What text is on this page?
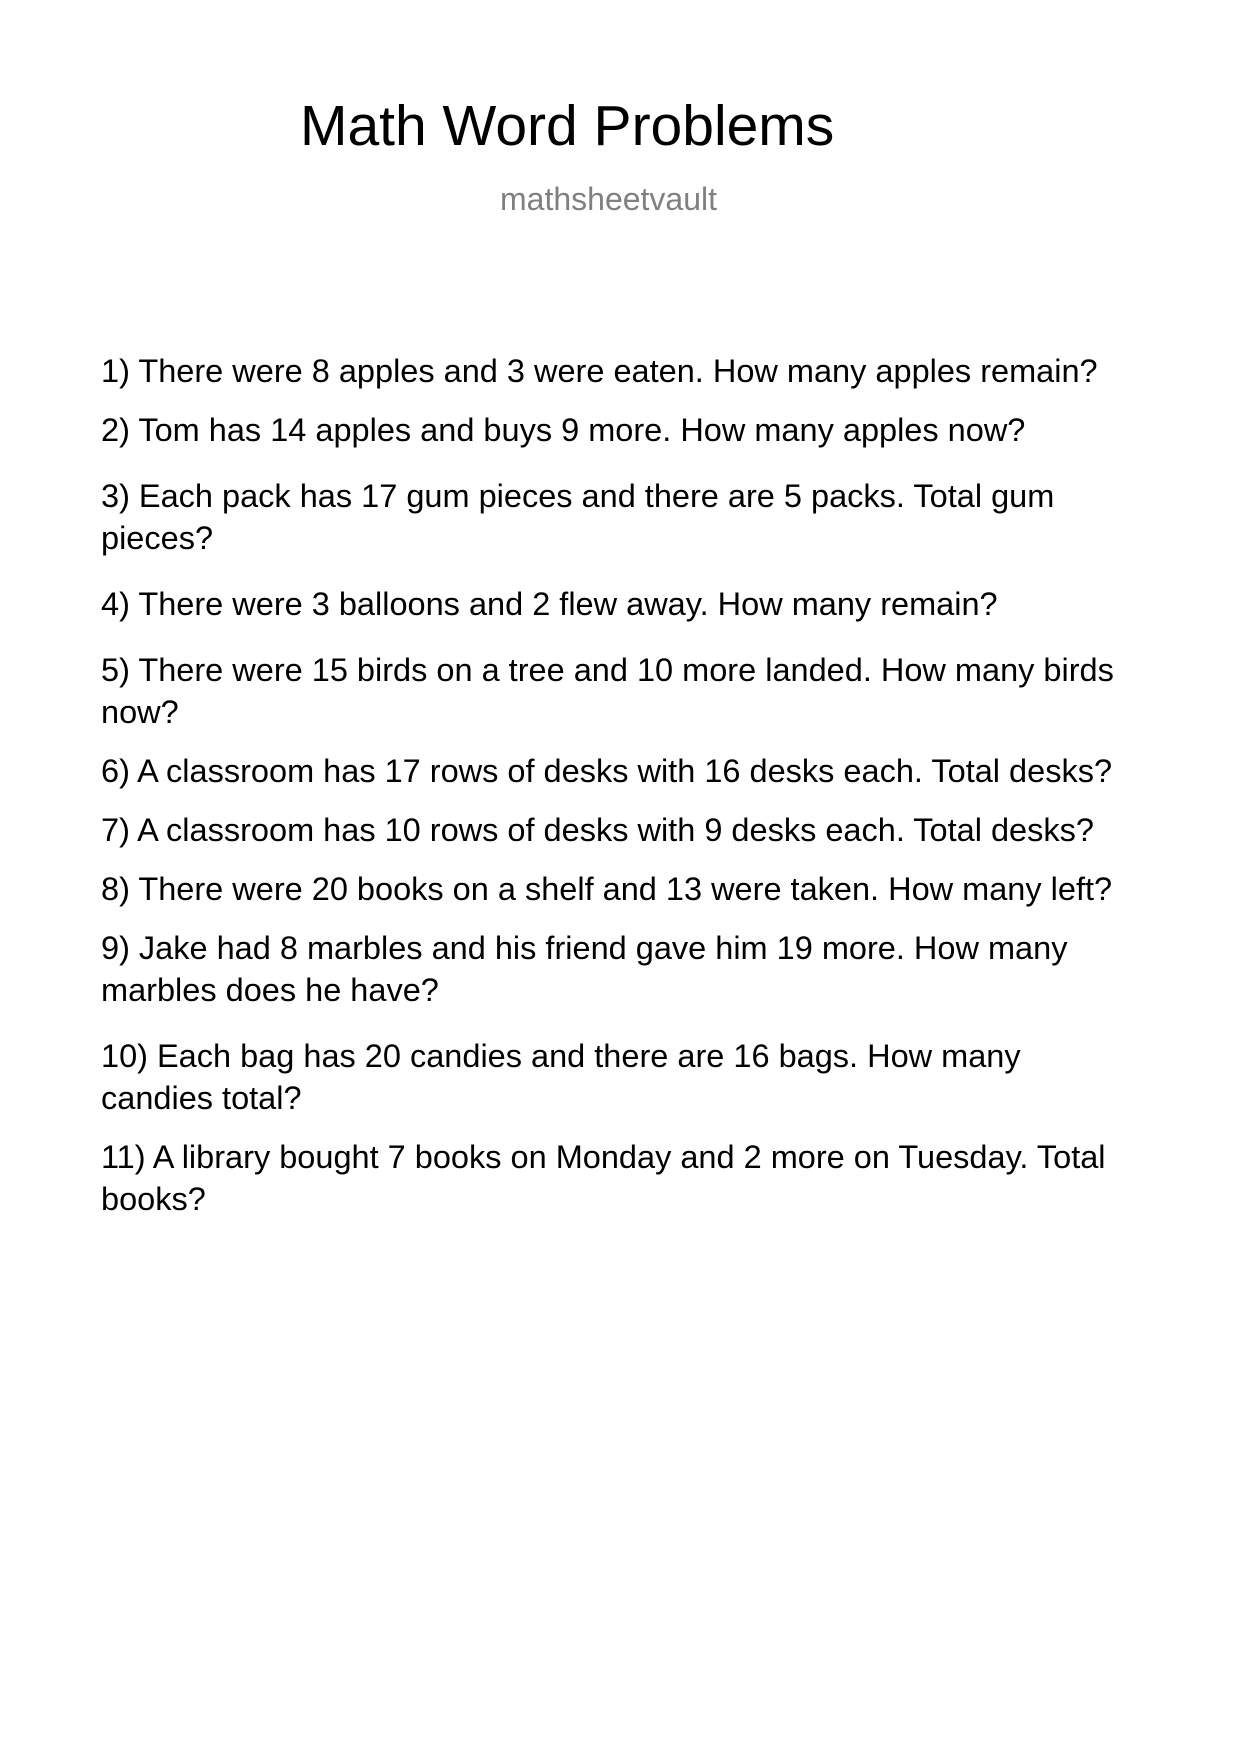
Math Word Problems
mathsheetvault
1) There were 8 apples and 3 were eaten. How many apples remain?
2) Tom has 14 apples and buys 9 more. How many apples now?
3) Each pack has 17 gum pieces and there are 5 packs. Total gum pieces?
4) There were 3 balloons and 2 flew away. How many remain?
5) There were 15 birds on a tree and 10 more landed. How many birds now?
6) A classroom has 17 rows of desks with 16 desks each. Total desks?
7) A classroom has 10 rows of desks with 9 desks each. Total desks?
8) There were 20 books on a shelf and 13 were taken. How many left?
9) Jake had 8 marbles and his friend gave him 19 more. How many marbles does he have?
10) Each bag has 20 candies and there are 16 bags. How many candies total?
11) A library bought 7 books on Monday and 2 more on Tuesday. Total books?
